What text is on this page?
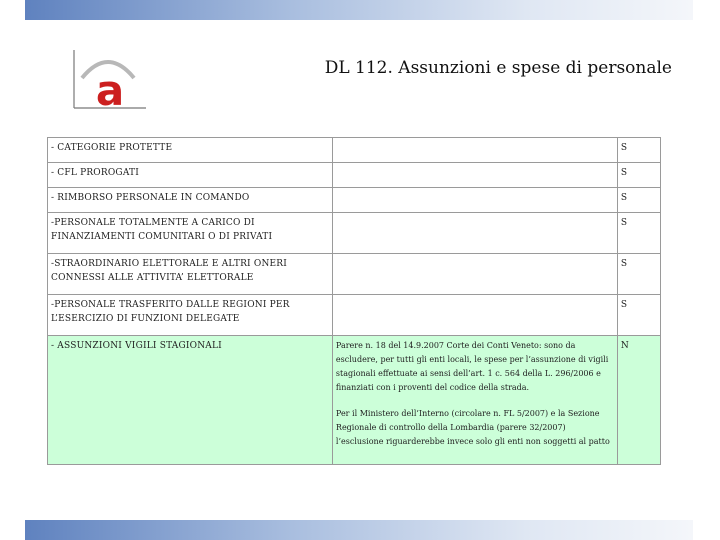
a	DL 112. Assunzioni e spese di personale
- CATEGORIE PROTETTE		S
- CFL PROROGATI		S
- RIMBORSO PERSONALE IN COMANDO		S
-PERSONALE TOTALMENTE A CARICO DI FINANZIAMENTI COMUNITARI O DI PRIVATI		S
-STRAORDINARIO ELETTORALE E ALTRI ONERI CONNESSI ALLE ATTIVITA’ ELETTORALE		S
-PERSONALE TRASFERITO DALLE REGIONI PER L’ESERCIZIO DI FUNZIONI DELEGATE		S
- ASSUNZIONI VIGILI STAGIONALI	Parere n. 18 del 14.9.2007 Corte dei Conti Veneto: sono da escludere, per tutti gli enti locali, le spese per l’assunzione di vigili stagionali effettuate ai sensi dell’art. 1 c. 564 della L. 296/2006 e finanziati con i proventi del codice della strada.

Per il Ministero dell’Interno (circolare n. FL 5/2007) e la Sezione Regionale di controllo della Lombardia (parere 32/2007) l’esclusione riguarderebbe invece solo gli enti non soggetti al patto	N
